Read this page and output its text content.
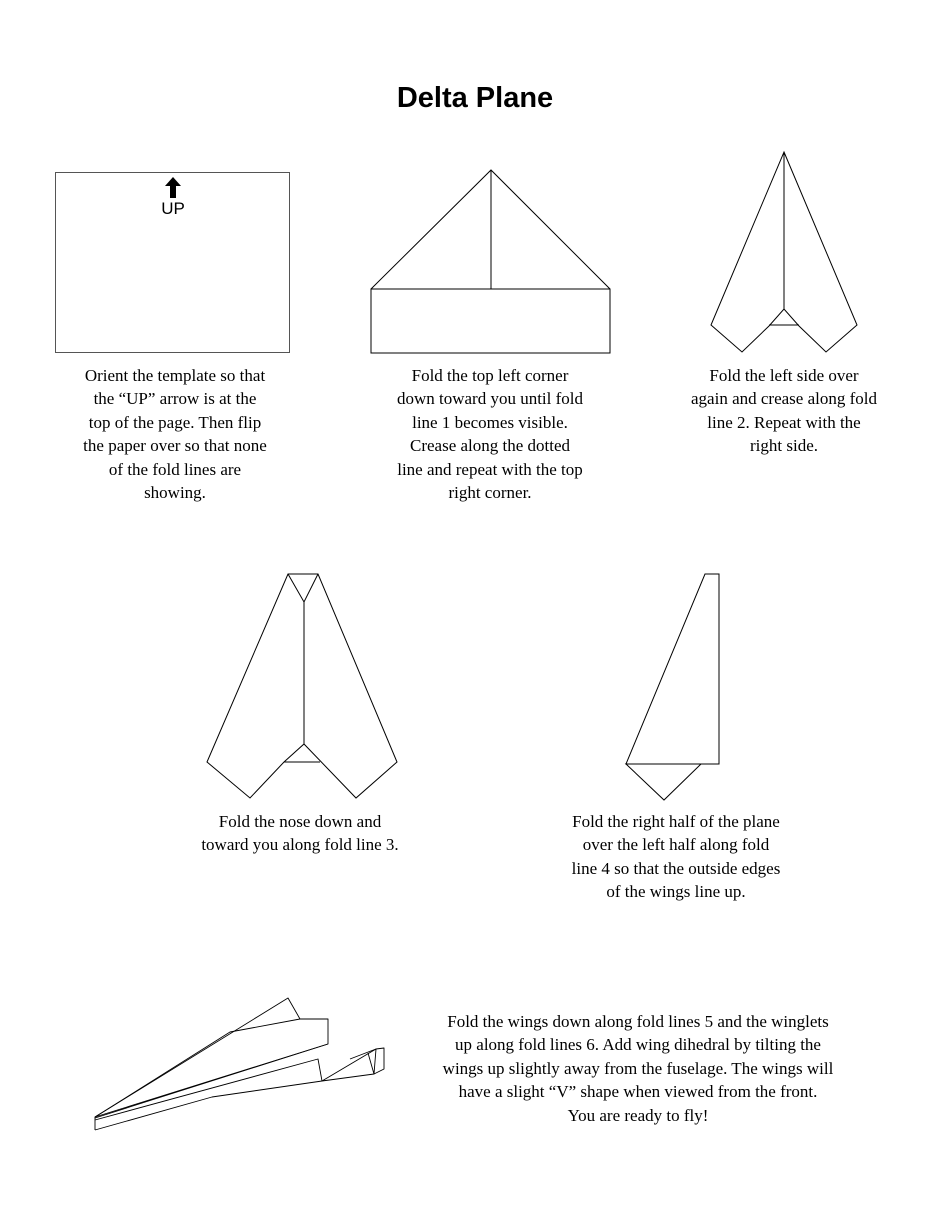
Delta Plane
UP
Orient the template so that
the “UP” arrow is at the
top of the page. Then flip
the paper over so that none
of the fold lines are
showing.
Fold the top left corner
down toward you until fold
line 1 becomes visible.
Crease along the dotted
line and repeat with the top
right corner.
Fold the left side over
again and crease along fold
line 2. Repeat with the
right side.
Fold the nose down and
toward you along fold line 3.
Fold the right half of the plane
over the left half along fold
line 4 so that the outside edges
of the wings line up.
Fold the wings down along fold lines 5 and the winglets
up along fold lines 6. Add wing dihedral by tilting the
wings up slightly away from the fuselage. The wings will
have a slight “V” shape when viewed from the front.
You are ready to fly!
